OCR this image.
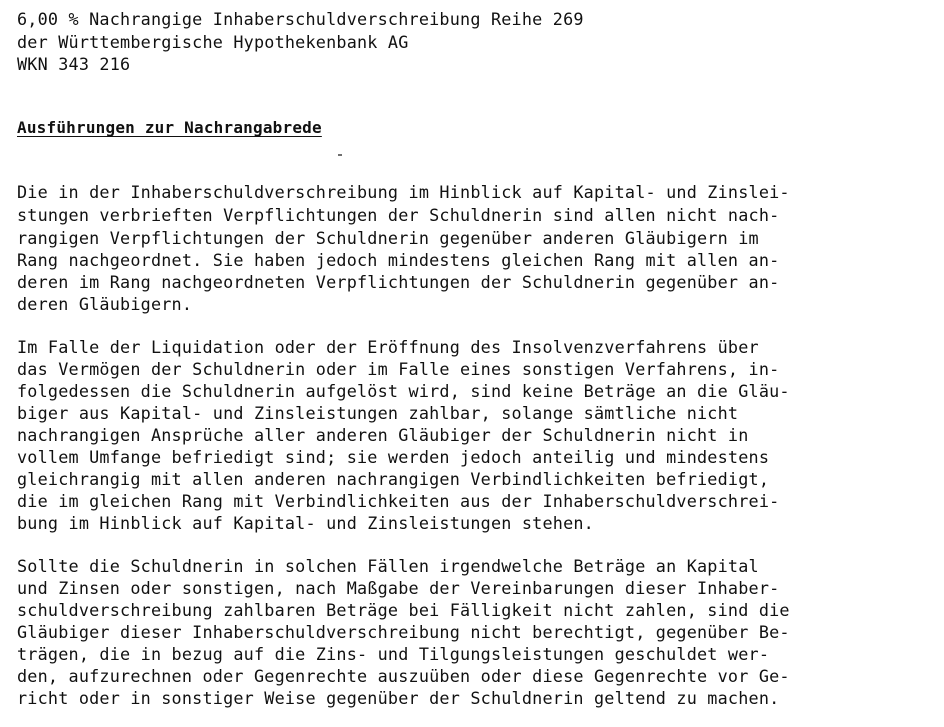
6,00 % Nachrangige Inhaberschuldverschreibung Reihe 269
der Württembergische Hypothekenbank AG
WKN 343 216
Ausführungen zur Nachrangabrede
Die in der Inhaberschuldverschreibung im Hinblick auf Kapital- und Zinslei-
stungen verbrieften Verpflichtungen der Schuldnerin sind allen nicht nach-
rangigen Verpflichtungen der Schuldnerin gegenüber anderen Gläubigern im
Rang nachgeordnet. Sie haben jedoch mindestens gleichen Rang mit allen an-
deren im Rang nachgeordneten Verpflichtungen der Schuldnerin gegenüber an-
deren Gläubigern.
Im Falle der Liquidation oder der Eröffnung des Insolvenzverfahrens über
das Vermögen der Schuldnerin oder im Falle eines sonstigen Verfahrens, in-
folgedessen die Schuldnerin aufgelöst wird, sind keine Beträge an die Gläu-
biger aus Kapital- und Zinsleistungen zahlbar, solange sämtliche nicht
nachrangigen Ansprüche aller anderen Gläubiger der Schuldnerin nicht in
vollem Umfange befriedigt sind; sie werden jedoch anteilig und mindestens
gleichrangig mit allen anderen nachrangigen Verbindlichkeiten befriedigt,
die im gleichen Rang mit Verbindlichkeiten aus der Inhaberschuldverschrei-
bung im Hinblick auf Kapital- und Zinsleistungen stehen.
Sollte die Schuldnerin in solchen Fällen irgendwelche Beträge an Kapital
und Zinsen oder sonstigen, nach Maßgabe der Vereinbarungen dieser Inhaber-
schuldverschreibung zahlbaren Beträge bei Fälligkeit nicht zahlen, sind die
Gläubiger dieser Inhaberschuldverschreibung nicht berechtigt, gegenüber Be-
trägen, die in bezug auf die Zins- und Tilgungsleistungen geschuldet wer-
den, aufzurechnen oder Gegenrechte auszuüben oder diese Gegenrechte vor Ge-
richt oder in sonstiger Weise gegenüber der Schuldnerin geltend zu machen.
